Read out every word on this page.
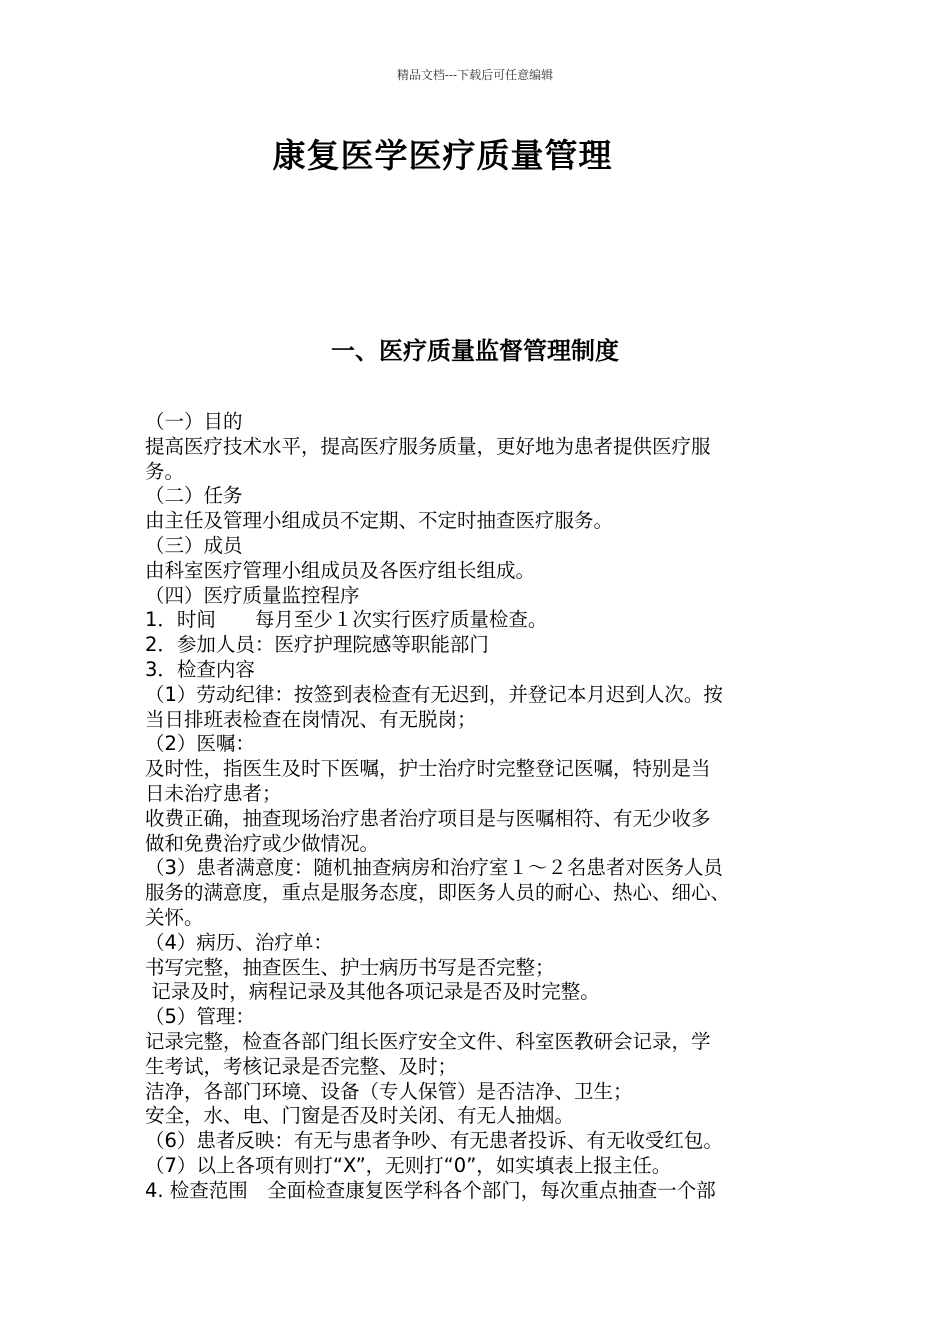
精品文档---下载后可任意编辑
康复医学医疗质量管理
一、医疗质量监督管理制度
（一）目的
提高医疗技术水平，提高医疗服务质量，更好地为患者提供医疗服
务。
（二）任务
由主任及管理小组成员不定期、不定时抽查医疗服务。
（三）成员
由科室医疗管理小组成员及各医疗组长组成。
（四）医疗质量监控程序
1．时间　　每月至少１次实行医疗质量检查。
2．参加人员：医疗护理院感等职能部门
3．检查内容
（1）劳动纪律：按签到表检查有无迟到，并登记本月迟到人次。按
当日排班表检查在岗情况、有无脱岗；
（2）医嘱：
及时性，指医生及时下医嘱，护士治疗时完整登记医嘱，特别是当
日未治疗患者；
收费正确，抽查现场治疗患者治疗项目是与医嘱相符、有无少收多
做和免费治疗或少做情况。
（3）患者满意度：随机抽查病房和治疗室１～２名患者对医务人员
服务的满意度，重点是服务态度，即医务人员的耐心、热心、细心、
关怀。
（4）病历、治疗单：
书写完整，抽查医生、护士病历书写是否完整；
记录及时，病程记录及其他各项记录是否及时完整。
（5）管理：
记录完整，检查各部门组长医疗安全文件、科室医教研会记录，学
生考试，考核记录是否完整、及时；
洁净，各部门环境、设备（专人保管）是否洁净、卫生；
安全，水、电、门窗是否及时关闭、有无人抽烟。
（6）患者反映：有无与患者争吵、有无患者投诉、有无收受红包。
（7）以上各项有则打“X”，无则打“0”，如实填表上报主任。
4. 检查范围　全面检查康复医学科各个部门，每次重点抽查一个部
